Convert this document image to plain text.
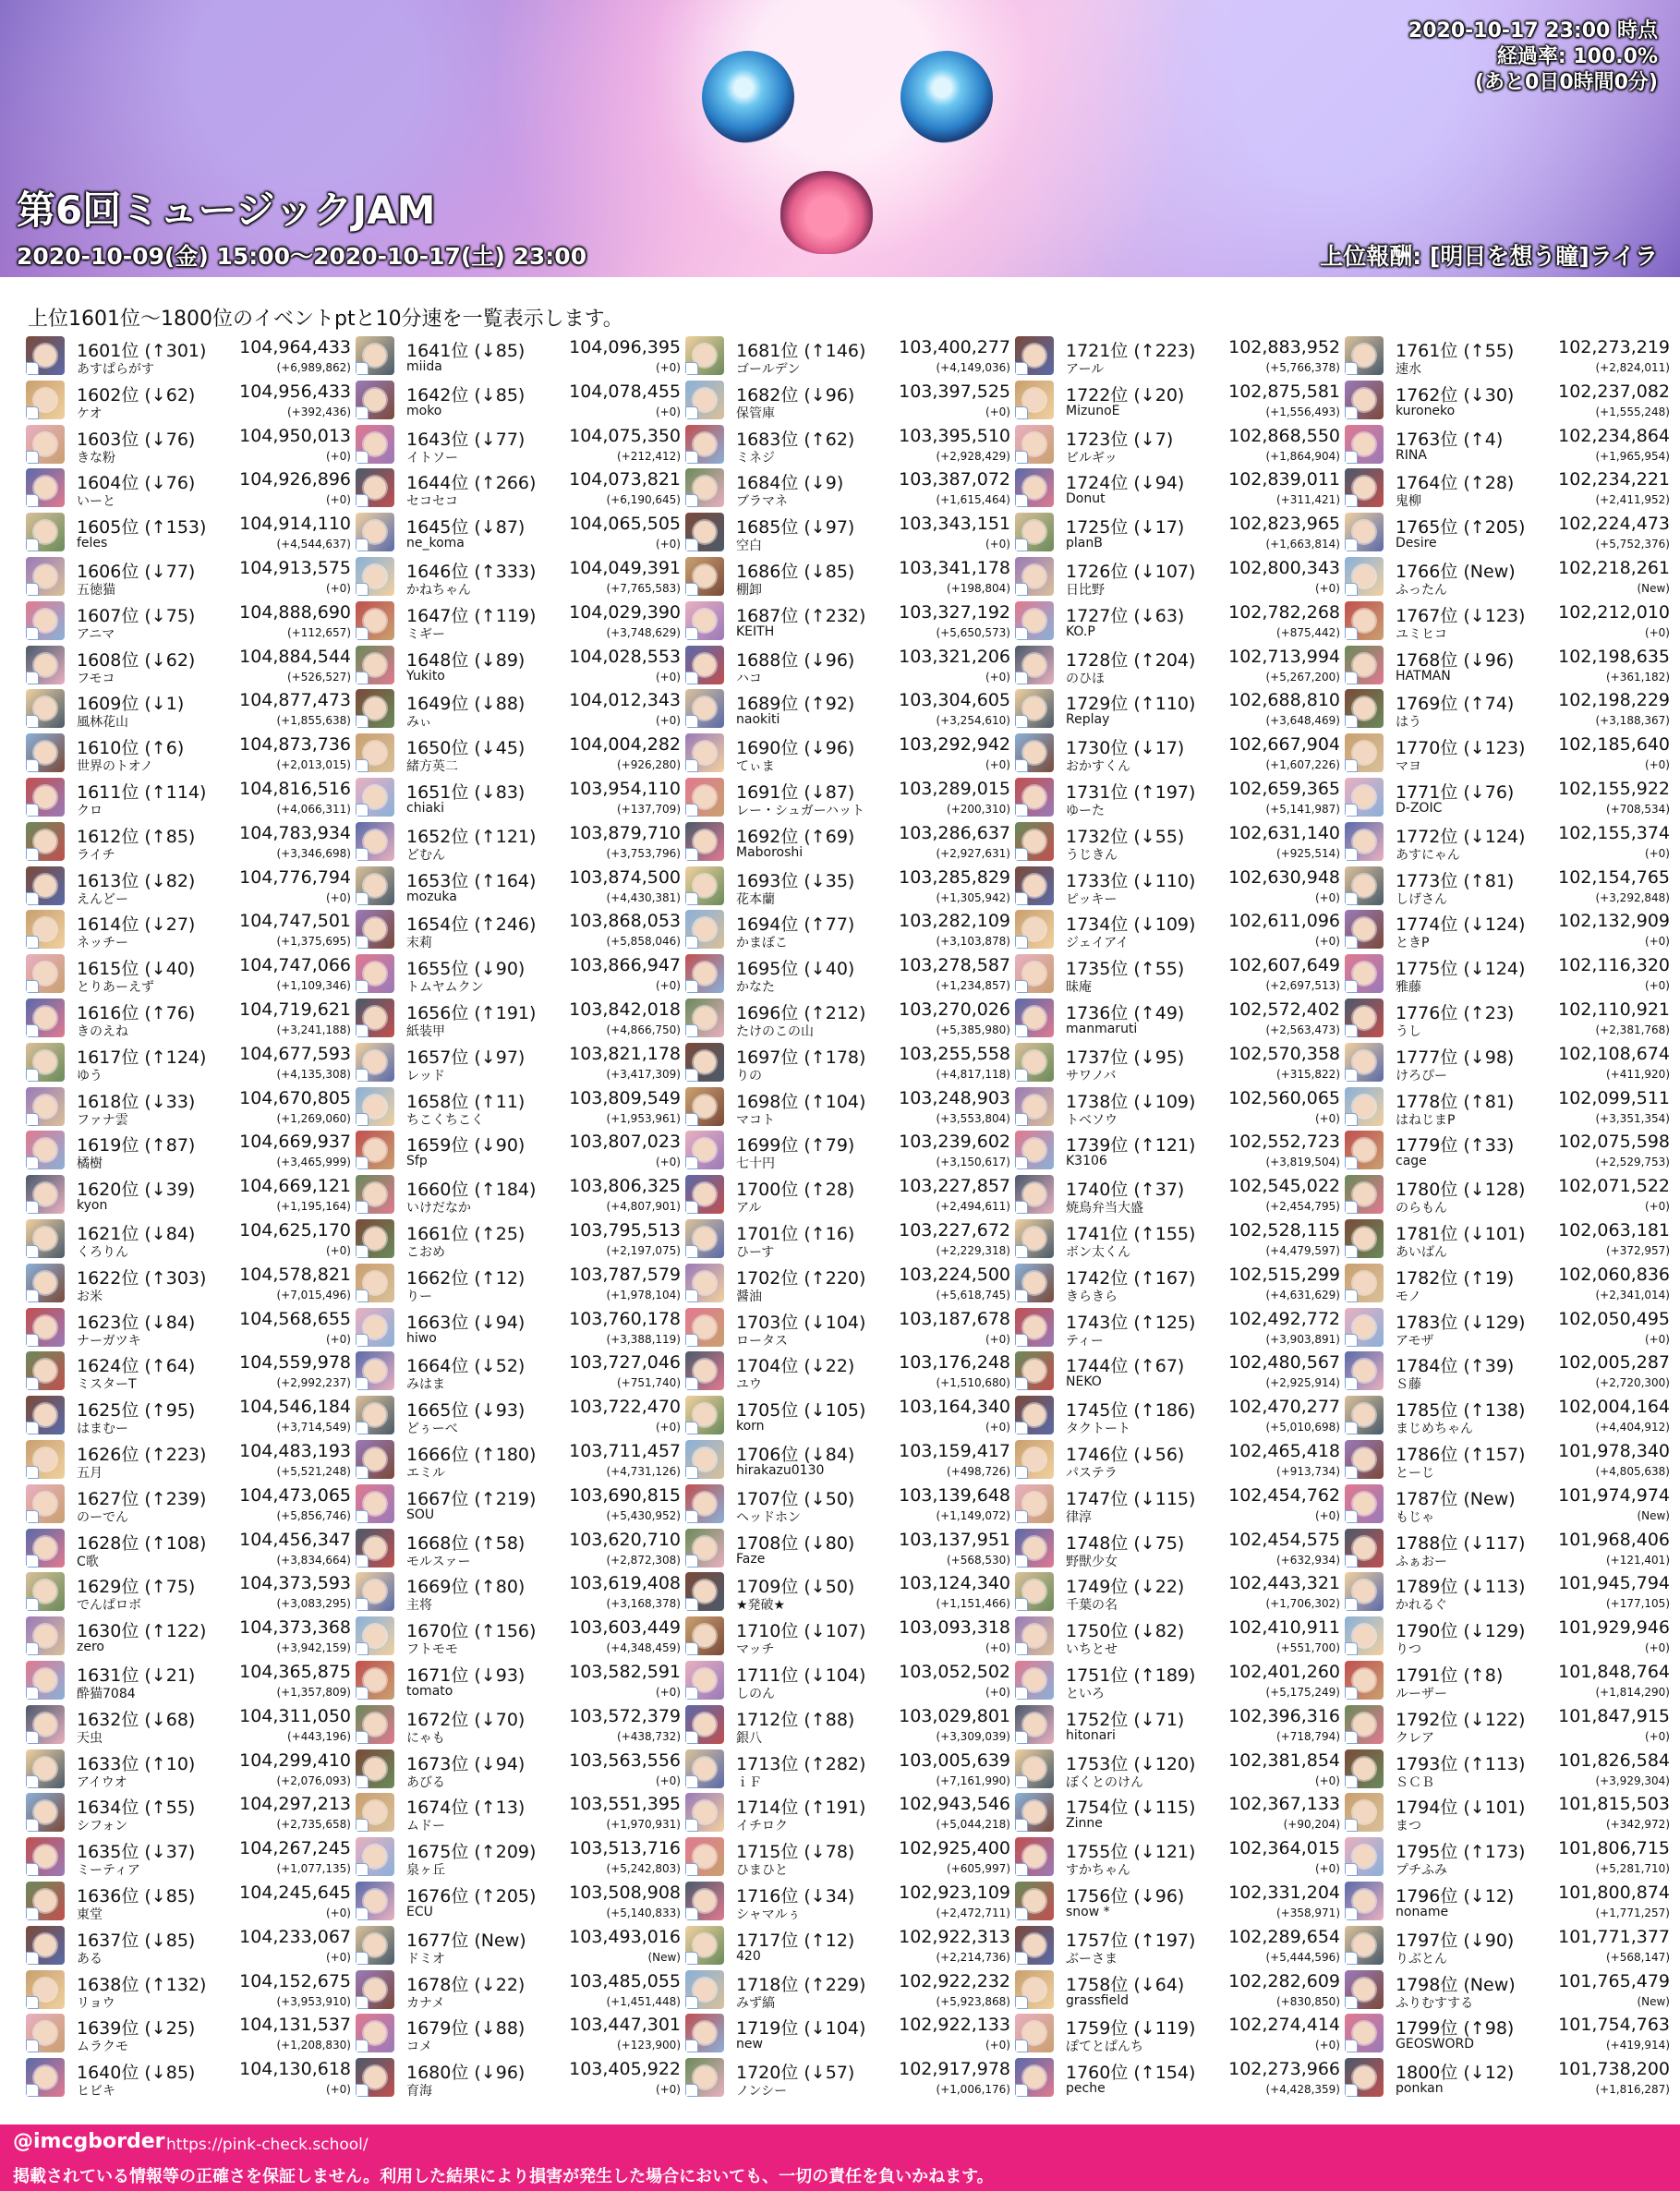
第6回ミュージックJAM
2020-10-09(金) 15:00～2020-10-17(土) 23:00
2020-10-17 23:00 時点
経過率: 100.0%
(あと0日0時間0分)
上位報酬: [明日を想う瞳]ライラ
上位1601位～1800位のイベントptと10分速を一覧表示します。
1601位 (↑301) 104,964,433
あすぱらがす	(+6,989,862)
1602位 (↓62)	104,956,433
ケオ	(+392,436)
1603位 (↓76)	104,950,013
きな粉	(+0)
1604位 (↓76)	104,926,896
いーと	(+0)
1605位 (↑153) 104,914,110
feles	(+4,544,637)
1606位 (↓77)	104,913,575
五徳猫	(+0)
1607位 (↓75)	104,888,690
アニマ	(+112,657)
1608位 (↓62)	104,884,544
フモコ	(+526,527)
1609位 (↓1)	104,877,473
風林花山	(+1,855,638)
1610位 (↑6)	104,873,736
世界のトオノ	(+2,013,015)
1611位 (↑114) 104,816,516
クロ	(+4,066,311)
1612位 (↑85)	104,783,934
ライチ	(+3,346,698)
1613位 (↓82)	104,776,794
えんどー	(+0)
1614位 (↓27)	104,747,501
ネッチー	(+1,375,695)
1615位 (↓40)	104,747,066
とりあーえず	(+1,109,346)
1616位 (↑76)	104,719,621
きのえね	(+3,241,188)
1617位 (↑124) 104,677,593
ゆう	(+4,135,308)
1618位 (↓33)	104,670,805
ファナ雲	(+1,269,060)
1619位 (↑87)	104,669,937
橘樹	(+3,465,999)
1620位 (↓39)	104,669,121
kyon	(+1,195,164)
1621位 (↓84)	104,625,170
くろりん	(+0)
1622位 (↑303) 104,578,821
お米	(+7,015,496)
1623位 (↓84)	104,568,655
ナーガツキ	(+0)
1624位 (↑64)	104,559,978
ミスターT	(+2,992,237)
1625位 (↑95)	104,546,184
はまむー	(+3,714,549)
1626位 (↑223) 104,483,193
五月	(+5,521,248)
1627位 (↑239) 104,473,065
のーでん	(+5,856,746)
1628位 (↑108) 104,456,347
C歌	(+3,834,664)
1629位 (↑75)	104,373,593
でんぱロボ	(+3,083,295)
1630位 (↑122) 104,373,368
zero	(+3,942,159)
1631位 (↓21)	104,365,875
酔猫7084	(+1,357,809)
1632位 (↓68)	104,311,050
天虫	(+443,196)
1633位 (↑10)	104,299,410
アイウオ	(+2,076,093)
1634位 (↑55)	104,297,213
シフォン	(+2,735,658)
1635位 (↓37)	104,267,245
ミーティア	(+1,077,135)
1636位 (↓85)	104,245,645
東堂	(+0)
1637位 (↓85)	104,233,067
ある	(+0)
1638位 (↑132) 104,152,675
リョウ	(+3,953,910)
1639位 (↓25)	104,131,537
ムラクモ	(+1,208,830)
1640位 (↓85)	104,130,618
ヒビキ	(+0)
1641位 (↓85)	104,096,395
miida	(+0)
1642位 (↓85)	104,078,455
moko	(+0)
1643位 (↓77)	104,075,350
イトソー	(+212,412)
1644位 (↑266) 104,073,821
セコセコ	(+6,190,645)
1645位 (↓87)	104,065,505
ne_koma	(+0)
1646位 (↑333) 104,049,391
かねちゃん	(+7,765,583)
1647位 (↑119) 104,029,390
ミギー	(+3,748,629)
1648位 (↓89)	104,028,553
Yukito	(+0)
1649位 (↓88)	104,012,343
みぃ	(+0)
1650位 (↓45)	104,004,282
緒方英二	(+926,280)
1651位 (↓83)	103,954,110
chiaki	(+137,709)
1652位 (↑121) 103,879,710
どむん	(+3,753,796)
1653位 (↑164) 103,874,500
mozuka	(+4,430,381)
1654位 (↑246) 103,868,053
末莉	(+5,858,046)
1655位 (↓90)	103,866,947
トムヤムクン	(+0)
1656位 (↑191) 103,842,018
紙装甲	(+4,866,750)
1657位 (↓97)	103,821,178
レッド	(+3,417,309)
1658位 (↑11)	103,809,549
ちこくちこく	(+1,953,961)
1659位 (↓90)	103,807,023
Sfp	(+0)
1660位 (↑184) 103,806,325
いけだなか	(+4,807,901)
1661位 (↑25)	103,795,513
こおめ	(+2,197,075)
1662位 (↑12)	103,787,579
りー	(+1,978,104)
1663位 (↓94)	103,760,178
hiwo	(+3,388,119)
1664位 (↓52)	103,727,046
みはま	(+751,740)
1665位 (↓93)	103,722,470
どぅーべ	(+0)
1666位 (↑180) 103,711,457
エミル	(+4,731,126)
1667位 (↑219) 103,690,815
SOU	(+5,430,952)
1668位 (↑58)	103,620,710
モルスァー	(+2,872,308)
1669位 (↑80)	103,619,408
主将	(+3,168,378)
1670位 (↑156) 103,603,449
フトモモ	(+4,348,459)
1671位 (↓93)	103,582,591
tomato	(+0)
1672位 (↓70)	103,572,379
にゃも	(+438,732)
1673位 (↓94)	103,563,556
あびる	(+0)
1674位 (↑13)	103,551,395
ムドー	(+1,970,931)
1675位 (↑209) 103,513,716
泉ヶ丘	(+5,242,803)
1676位 (↑205) 103,508,908
ECU	(+5,140,833)
1677位 (New) 103,493,016
ドミオ	(New)
1678位 (↓22)	103,485,055
カナメ	(+1,451,448)
1679位 (↓88)	103,447,301
コメ	(+123,900)
1680位 (↓96)	103,405,922
育海	(+0)
1681位 (↑146) 103,400,277
ゴールデン	(+4,149,036)
1682位 (↓96)	103,397,525
保管庫	(+0)
1683位 (↑62)	103,395,510
ミネジ	(+2,928,429)
1684位 (↓9)	103,387,072
ブラマネ	(+1,615,464)
1685位 (↓97)	103,343,151
空白	(+0)
1686位 (↓85)	103,341,178
棚卸	(+198,804)
1687位 (↑232) 103,327,192
KEITH	(+5,650,573)
1688位 (↓96)	103,321,206
ハコ	(+0)
1689位 (↑92)	103,304,605
naokiti	(+3,254,610)
1690位 (↓96)	103,292,942
てぃま	(+0)
1691位 (↓87)	103,289,015
レー・シュガーハット	(+200,310)
1692位 (↑69)	103,286,637
Maboroshi	(+2,927,631)
1693位 (↓35)	103,285,829
花本蘭	(+1,305,942)
1694位 (↑77)	103,282,109
かまぼこ	(+3,103,878)
1695位 (↓40)	103,278,587
かなた	(+1,234,857)
1696位 (↑212) 103,270,026
たけのこの山	(+5,385,980)
1697位 (↑178) 103,255,558
りの	(+4,817,118)
1698位 (↑104) 103,248,903
マコト	(+3,553,804)
1699位 (↑79)	103,239,602
七十円	(+3,150,617)
1700位 (↑28)	103,227,857
アル	(+2,494,611)
1701位 (↑16)	103,227,672
ひーす	(+2,229,318)
1702位 (↑220) 103,224,500
醤油	(+5,618,745)
1703位 (↓104) 103,187,678
ロータス	(+0)
1704位 (↓22)	103,176,248
ユウ	(+1,510,680)
1705位 (↓105) 103,164,340
korn	(+0)
1706位 (↓84)	103,159,417
hirakazu0130	(+498,726)
1707位 (↓50)	103,139,648
ヘッドホン	(+1,149,072)
1708位 (↓80)	103,137,951
Faze	(+568,530)
1709位 (↓50)	103,124,340
★発破★	(+1,151,466)
1710位 (↓107) 103,093,318
マッチ	(+0)
1711位 (↓104) 103,052,502
しのん	(+0)
1712位 (↑88)	103,029,801
銀八	(+3,309,039)
1713位 (↑282) 103,005,639
ｉＦ	(+7,161,990)
1714位 (↑191) 102,943,546
イチロク	(+5,044,218)
1715位 (↓78)	102,925,400
ひまひと	(+605,997)
1716位 (↓34)	102,923,109
シャマルぅ	(+2,472,711)
1717位 (↑12)	102,922,313
420	(+2,214,736)
1718位 (↑229) 102,922,232
みず縞	(+5,923,868)
1719位 (↓104) 102,922,133
new	(+0)
1720位 (↓57)	102,917,978
ノンシー	(+1,006,176)
1721位 (↑223) 102,883,952
アール	(+5,766,378)
1722位 (↓20)	102,875,581
MizunoE	(+1,556,493)
1723位 (↓7)	102,868,550
ビルギッ	(+1,864,904)
1724位 (↓94)	102,839,011
Donut	(+311,421)
1725位 (↓17)	102,823,965
planB	(+1,663,814)
1726位 (↓107) 102,800,343
日比野	(+0)
1727位 (↓63)	102,782,268
KO.P	(+875,442)
1728位 (↑204) 102,713,994
のひほ	(+5,267,200)
1729位 (↑110) 102,688,810
Replay	(+3,648,469)
1730位 (↓17)	102,667,904
おかすくん	(+1,607,226)
1731位 (↑197) 102,659,365
ゆーた	(+5,141,987)
1732位 (↓55)	102,631,140
うじきん	(+925,514)
1733位 (↓110) 102,630,948
ピッキー	(+0)
1734位 (↓109) 102,611,096
ジェイアイ	(+0)
1735位 (↑55)	102,607,649
昧庵	(+2,697,513)
1736位 (↑49)	102,572,402
manmaruti	(+2,563,473)
1737位 (↓95)	102,570,358
サワノバ	(+315,822)
1738位 (↓109) 102,560,065
トベソウ	(+0)
1739位 (↑121) 102,552,723
K3106	(+3,819,504)
1740位 (↑37)	102,545,022
焼鳥弁当大盛	(+2,454,795)
1741位 (↑155) 102,528,115
ボン太くん	(+4,479,597)
1742位 (↑167) 102,515,299
きらきら	(+4,631,629)
1743位 (↑125) 102,492,772
ティー	(+3,903,891)
1744位 (↑67)	102,480,567
NEKO	(+2,925,914)
1745位 (↑186) 102,470,277
タクトート	(+5,010,698)
1746位 (↓56)	102,465,418
パステラ	(+913,734)
1747位 (↓115) 102,454,762
律淳	(+0)
1748位 (↓75)	102,454,575
野獣少女	(+632,934)
1749位 (↓22)	102,443,321
千葉の名	(+1,706,302)
1750位 (↓82)	102,410,911
いちとせ	(+551,700)
1751位 (↑189) 102,401,260
といろ	(+5,175,249)
1752位 (↓71)	102,396,316
hitonari	(+718,794)
1753位 (↓120) 102,381,854
ぼくとのけん	(+0)
1754位 (↓115) 102,367,133
Zinne	(+90,204)
1755位 (↓121) 102,364,015
すかちゃん	(+0)
1756位 (↓96)	102,331,204
snow *	(+358,971)
1757位 (↑197) 102,289,654
ぶーさま	(+5,444,596)
1758位 (↓64)	102,282,609
grassfield	(+830,850)
1759位 (↓119) 102,274,414
ぽてとぱんち	(+0)
1760位 (↑154) 102,273,966
peche	(+4,428,359)
1761位 (↑55)	102,273,219
速水	(+2,824,011)
1762位 (↓30)	102,237,082
kuroneko	(+1,555,248)
1763位 (↑4)	102,234,864
RINA	(+1,965,954)
1764位 (↑28)	102,234,221
鬼柳	(+2,411,952)
1765位 (↑205) 102,224,473
Desire	(+5,752,376)
1766位 (New) 102,218,261
ふったん	(New)
1767位 (↓123) 102,212,010
ユミヒコ	(+0)
1768位 (↓96)	102,198,635
HATMAN	(+361,182)
1769位 (↑74)	102,198,229
はう	(+3,188,367)
1770位 (↓123) 102,185,640
マヨ	(+0)
1771位 (↓76)	102,155,922
D-ZOIC	(+708,534)
1772位 (↓124) 102,155,374
あすにゃん	(+0)
1773位 (↑81)	102,154,765
しげさん	(+3,292,848)
1774位 (↓124) 102,132,909
ときP	(+0)
1775位 (↓124) 102,116,320
雅藤	(+0)
1776位 (↑23)	102,110,921
うし	(+2,381,768)
1777位 (↓98)	102,108,674
けろぴー	(+411,920)
1778位 (↑81)	102,099,511
はねじまP	(+3,351,354)
1779位 (↑33)	102,075,598
cage	(+2,529,753)
1780位 (↓128) 102,071,522
のらもん	(+0)
1781位 (↓101) 102,063,181
あいばん	(+372,957)
1782位 (↑19)	102,060,836
モノ	(+2,341,014)
1783位 (↓129) 102,050,495
アモザ	(+0)
1784位 (↑39)	102,005,287
Ｓ藤	(+2,720,300)
1785位 (↑138) 102,004,164
まじめちゃん	(+4,404,912)
1786位 (↑157) 101,978,340
とーじ	(+4,805,638)
1787位 (New) 101,974,974
もじゃ	(New)
1788位 (↓117) 101,968,406
ふぁおー	(+121,401)
1789位 (↓113) 101,945,794
かれるぐ	(+177,105)
1790位 (↓129) 101,929,946
りつ	(+0)
1791位 (↑8)	101,848,764
ルーザー	(+1,814,290)
1792位 (↓122) 101,847,915
クレア	(+0)
1793位 (↑113) 101,826,584
ＳＣＢ	(+3,929,304)
1794位 (↓101) 101,815,503
まつ	(+342,972)
1795位 (↑173) 101,806,715
プチふみ	(+5,281,710)
1796位 (↓12)	101,800,874
noname	(+1,771,257)
1797位 (↓90)	101,771,377
りぶとん	(+568,147)
1798位 (New) 101,765,479
ふりむすする	(New)
1799位 (↑98)	101,754,763
GEOSWORD	(+419,914)
1800位 (↓12)	101,738,200
ponkan	(+1,816,287)
@imcgborder https://pink-check.school/
掲載されている情報等の正確さを保証しません。利用した結果により損害が発生した場合においても、一切の責任を負いかねます。
